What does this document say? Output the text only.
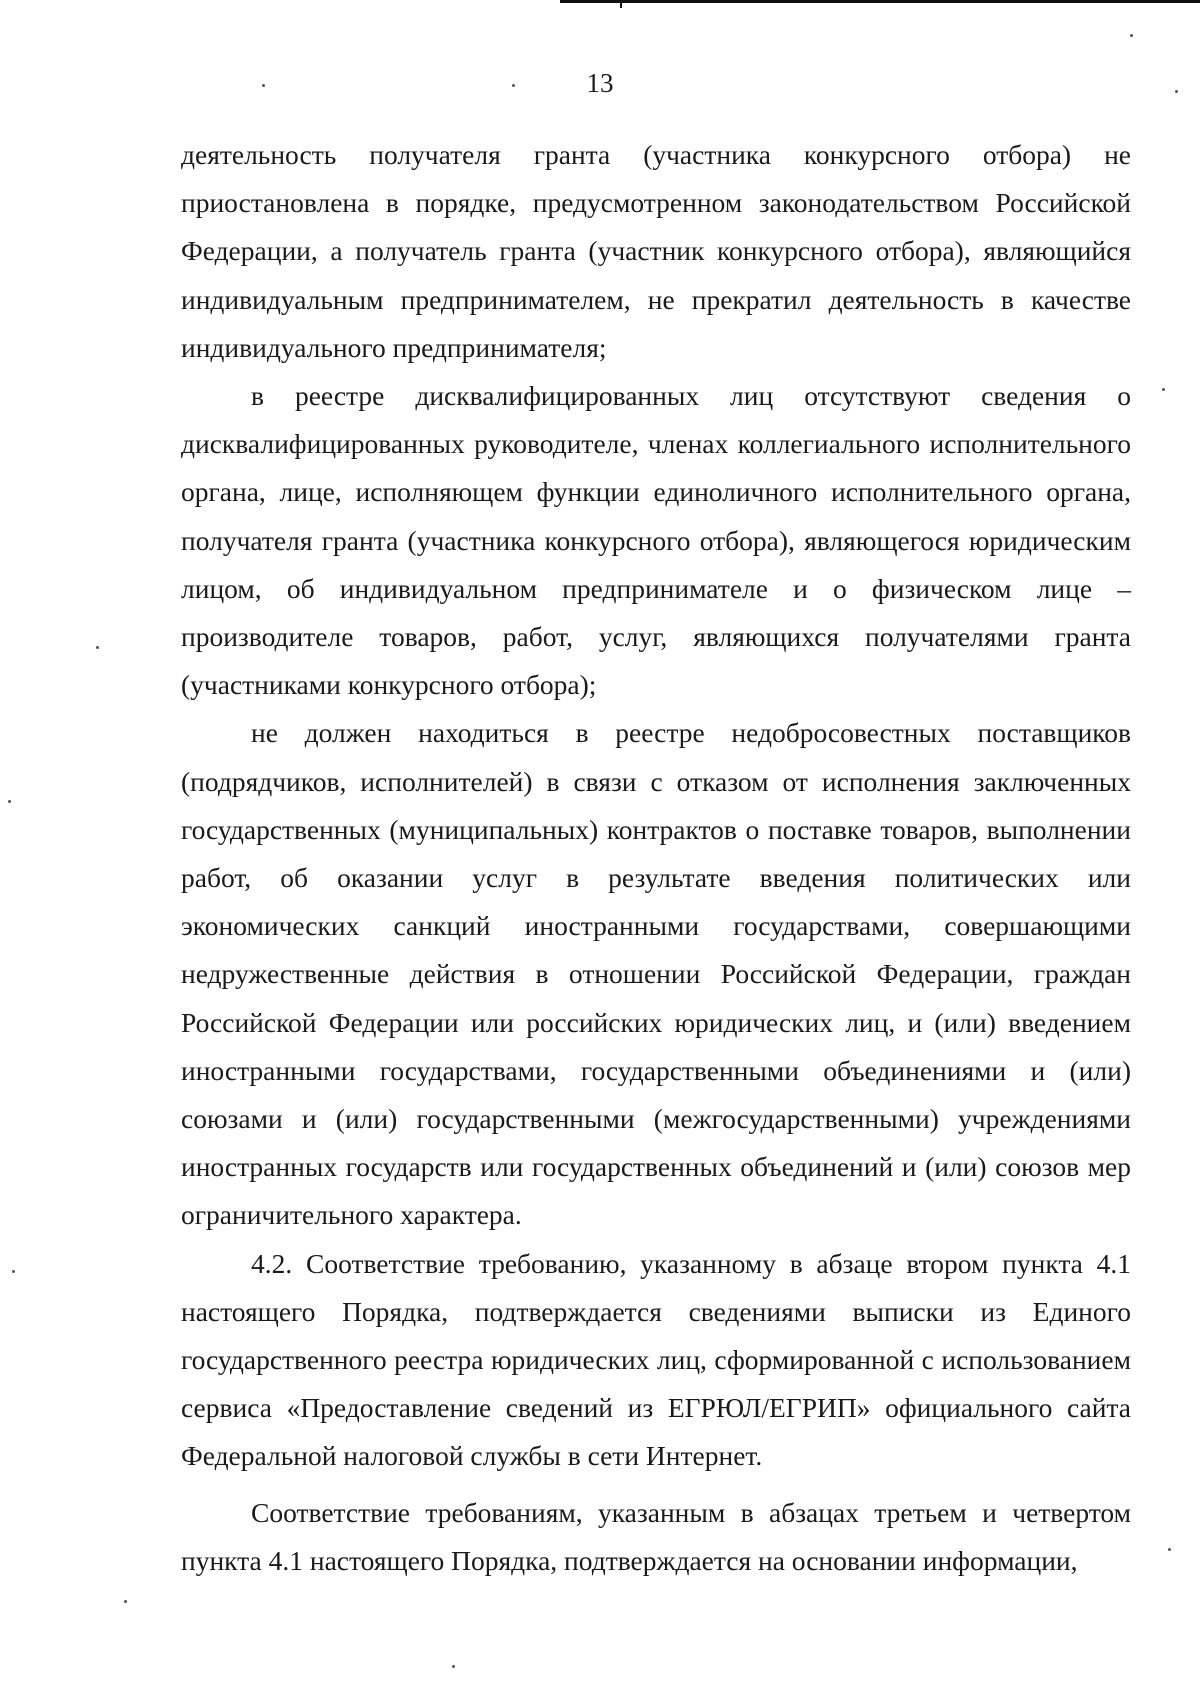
13

деятельность получателя гранта (участника конкурсного отбора) не приостановлена в порядке, предусмотренном законодательством Российской Федерации, а получатель гранта (участник конкурсного отбора), являющийся индивидуальным предпринимателем, не прекратил деятельность в качестве индивидуального предпринимателя;

в реестре дисквалифицированных лиц отсутствуют сведения о дисквалифицированных руководителе, членах коллегиального исполнительного органа, лице, исполняющем функции единоличного исполнительного органа, получателя гранта (участника конкурсного отбора), являющегося юридическим лицом, об индивидуальном предпринимателе и о физическом лице – производителе товаров, работ, услуг, являющихся получателями гранта (участниками конкурсного отбора);

не должен находиться в реестре недобросовестных поставщиков (подрядчиков, исполнителей) в связи с отказом от исполнения заключенных государственных (муниципальных) контрактов о поставке товаров, выполнении работ, об оказании услуг в результате введения политических или экономических санкций иностранными государствами, совершающими недружественные действия в отношении Российской Федерации, граждан Российской Федерации или российских юридических лиц, и (или) введением иностранными государствами, государственными объединениями и (или) союзами и (или) государственными (межгосударственными) учреждениями иностранных государств или государственных объединений и (или) союзов мер ограничительного характера.

4.2. Соответствие требованию, указанному в абзаце втором пункта 4.1 настоящего Порядка, подтверждается сведениями выписки из Единого государственного реестра юридических лиц, сформированной с использованием сервиса «Предоставление сведений из ЕГРЮЛ/ЕГРИП» официального сайта Федеральной налоговой службы в сети Интернет.

Соответствие требованиям, указанным в абзацах третьем и четвертом пункта 4.1 настоящего Порядка, подтверждается на основании информации,
